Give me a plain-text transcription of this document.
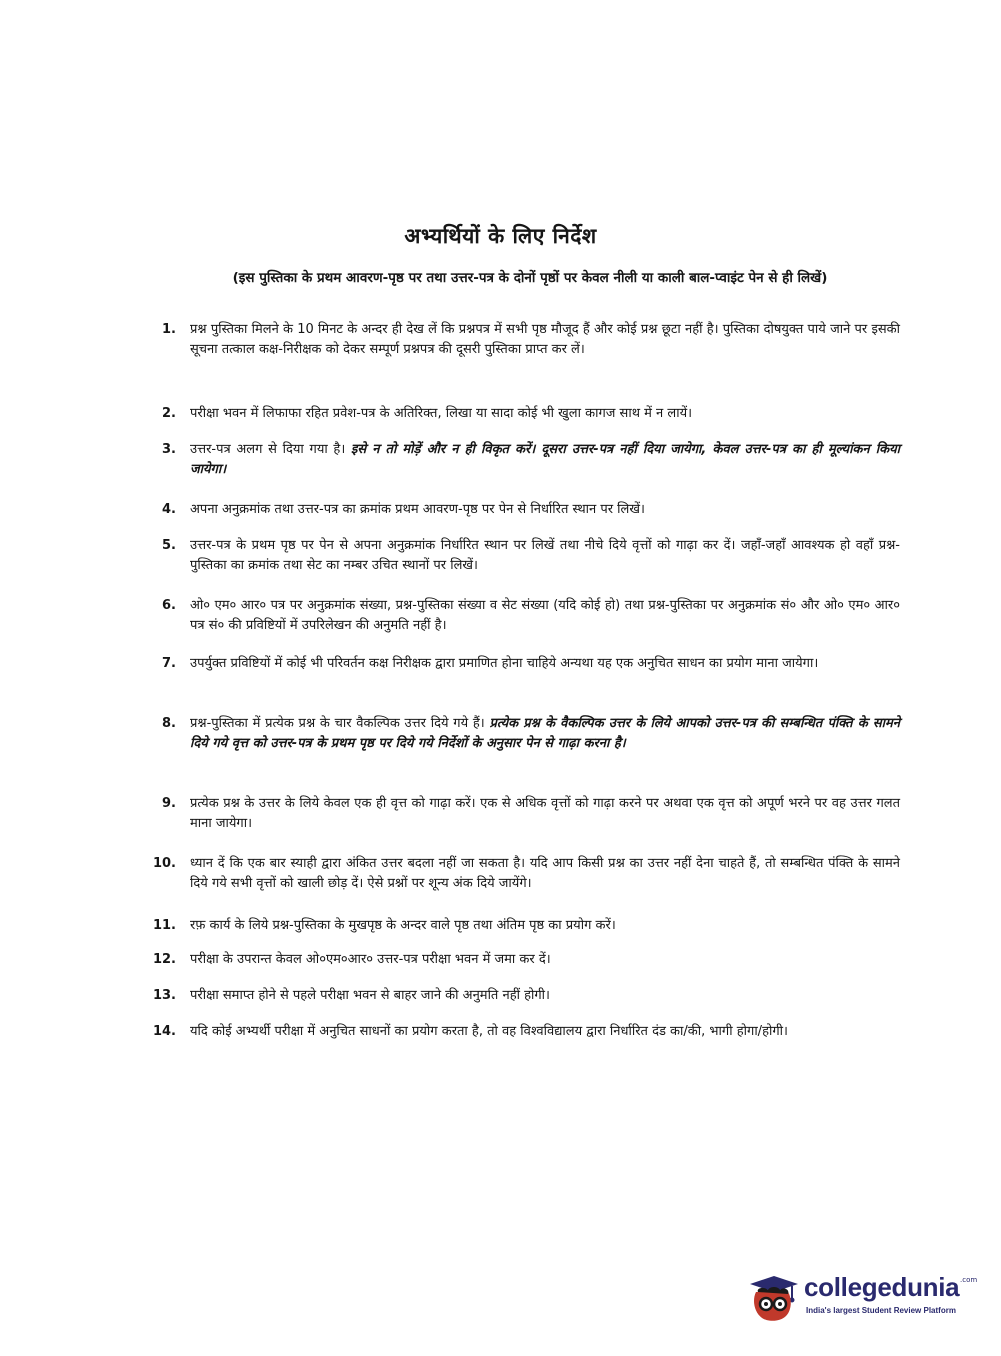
अभ्यर्थियों के लिए निर्देश
(इस पुस्तिका के प्रथम आवरण-पृष्ठ पर तथा उत्तर-पत्र के दोनों पृष्ठों पर केवल नीली या काली बाल-प्वाइंट पेन से ही लिखें)
1. प्रश्न पुस्तिका मिलने के 10 मिनट के अन्दर ही देख लें कि प्रश्नपत्र में सभी पृष्ठ मौजूद हैं और कोई प्रश्न छूटा नहीं है। पुस्तिका दोषयुक्त पाये जाने पर इसकी सूचना तत्काल कक्ष-निरीक्षक को देकर सम्पूर्ण प्रश्नपत्र की दूसरी पुस्तिका प्राप्त कर लें।
2. परीक्षा भवन में लिफाफा रहित प्रवेश-पत्र के अतिरिक्त, लिखा या सादा कोई भी खुला कागज साथ में न लायें।
3. उत्तर-पत्र अलग से दिया गया है। इसे न तो मोड़ें और न ही विकृत करें। दूसरा उत्तर-पत्र नहीं दिया जायेगा, केवल उत्तर-पत्र का ही मूल्यांकन किया जायेगा।
4. अपना अनुक्रमांक तथा उत्तर-पत्र का क्रमांक प्रथम आवरण-पृष्ठ पर पेन से निर्धारित स्थान पर लिखें।
5. उत्तर-पत्र के प्रथम पृष्ठ पर पेन से अपना अनुक्रमांक निर्धारित स्थान पर लिखें तथा नीचे दिये वृत्तों को गाढ़ा कर दें। जहाँ-जहाँ आवश्यक हो वहाँ प्रश्न-पुस्तिका का क्रमांक तथा सेट का नम्बर उचित स्थानों पर लिखें।
6. ओ० एम० आर० पत्र पर अनुक्रमांक संख्या, प्रश्न-पुस्तिका संख्या व सेट संख्या (यदि कोई हो) तथा प्रश्न-पुस्तिका पर अनुक्रमांक सं० और ओ० एम० आर० पत्र सं० की प्रविष्टियों में उपरिलेखन की अनुमति नहीं है।
7. उपर्युक्त प्रविष्टियों में कोई भी परिवर्तन कक्ष निरीक्षक द्वारा प्रमाणित होना चाहिये अन्यथा यह एक अनुचित साधन का प्रयोग माना जायेगा।
8. प्रश्न-पुस्तिका में प्रत्येक प्रश्न के चार वैकल्पिक उत्तर दिये गये हैं। प्रत्येक प्रश्न के वैकल्पिक उत्तर के लिये आपको उत्तर-पत्र की सम्बन्धित पंक्ति के सामने दिये गये वृत्त को उत्तर-पत्र के प्रथम पृष्ठ पर दिये गये निर्देशों के अनुसार पेन से गाढ़ा करना है।
9. प्रत्येक प्रश्न के उत्तर के लिये केवल एक ही वृत्त को गाढ़ा करें। एक से अधिक वृत्तों को गाढ़ा करने पर अथवा एक वृत्त को अपूर्ण भरने पर वह उत्तर गलत माना जायेगा।
10. ध्यान दें कि एक बार स्याही द्वारा अंकित उत्तर बदला नहीं जा सकता है। यदि आप किसी प्रश्न का उत्तर नहीं देना चाहते हैं, तो सम्बन्धित पंक्ति के सामने दिये गये सभी वृत्तों को खाली छोड़ दें। ऐसे प्रश्नों पर शून्य अंक दिये जायेंगे।
11. रफ़ कार्य के लिये प्रश्न-पुस्तिका के मुखपृष्ठ के अन्दर वाले पृष्ठ तथा अंतिम पृष्ठ का प्रयोग करें।
12. परीक्षा के उपरान्त केवल ओ०एम०आर० उत्तर-पत्र परीक्षा भवन में जमा कर दें।
13. परीक्षा समाप्त होने से पहले परीक्षा भवन से बाहर जाने की अनुमति नहीं होगी।
14. यदि कोई अभ्यर्थी परीक्षा में अनुचित साधनों का प्रयोग करता है, तो वह विश्वविद्यालय द्वारा निर्धारित दंड का/की, भागी होगा/होगी।
collegedunia .com
India's largest Student Review Platform
